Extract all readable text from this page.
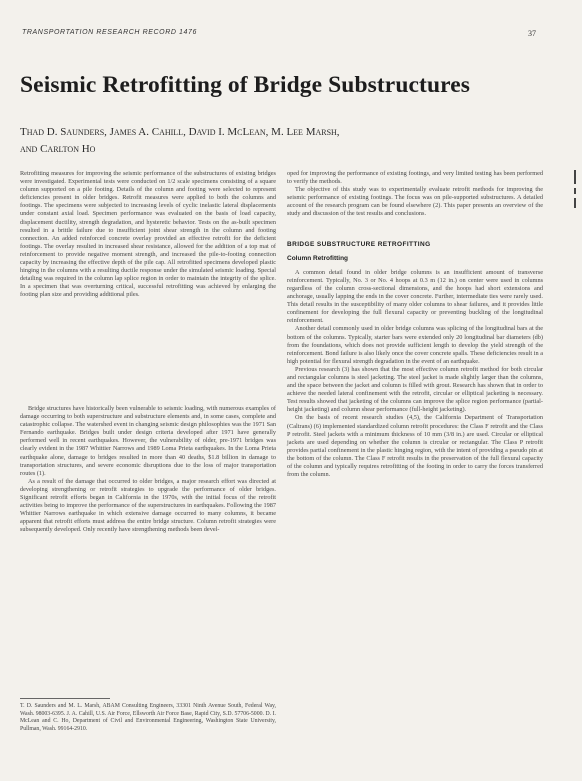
TRANSPORTATION RESEARCH RECORD 1476	37
Seismic Retrofitting of Bridge Substructures
Thad D. Saunders, James A. Cahill, David I. McLean, M. Lee Marsh,
and Carlton Ho

Retrofitting measures for improving the seismic performance of the substructures of existing bridges were investigated. Experimental tests were conducted on 1/2 scale specimens consisting of a square column supported on a pile footing. Details of the column and footing were selected to represent deficiencies present in older bridges. Retrofit measures were applied to both the columns and footings. The specimens were subjected to increasing levels of cyclic inelastic lateral displacements under constant axial load. Specimen performance was evaluated on the basis of load capacity, displacement ductility, strength degradation, and hysteretic behavior. Tests on the as-built specimen resulted in a brittle failure due to insufficient joint shear strength in the column and footing connection. An added reinforced concrete overlay provided an effective retrofit for the deficient footings. The overlay resulted in increased shear resistance, allowed for the addition of a top mat of reinforcement to provide negative moment strength, and increased the pile-to-footing connection capacity by increasing the effective depth of the pile cap. All retrofitted specimens developed plastic hinging in the columns with a resulting ductile response under the simulated seismic loading. Special detailing was required in the column lap splice region in order to maintain the integrity of the splice. In a specimen that was overturning critical, successful retrofitting was achieved by enlarging the footing plan size and providing additional piles.

Bridge structures have historically been vulnerable to seismic loading, with numerous examples of damage occurring to both superstructure and substructure elements and, in some cases, complete and catastrophic collapse. The watershed event in changing seismic design philosophies was the 1971 San Fernando earthquake. Bridges built under design criteria developed after 1971 have generally performed well in recent earthquakes. However, the vulnerability of older, pre-1971 bridges was clearly evident in the 1987 Whittier Narrows and 1989 Loma Prieta earthquakes. In the Loma Prieta earthquake alone, damage to bridges resulted in more than 40 deaths, $1.8 billion in damage to transportation structures, and severe economic disruptions due to the loss of major transportation routes (1).

As a result of the damage that occurred to older bridges, a major research effort was directed at developing strengthening or retrofit strategies to upgrade the performance of older bridges. Significant retrofit efforts began in California in the 1970s, with the initial focus of the retrofit activities being to improve the performance of the superstructures in earthquakes. Following the 1987 Whittier Narrows earthquake in which extensive damage occurred to many columns, it became apparent that retrofit efforts must address the entire bridge structure. Column retrofit strategies were subsequently developed. Only recently have strengthening methods been devel-

T. D. Saunders and M. L. Marsh, ABAM Consulting Engineers, 33301 Ninth Avenue South, Federal Way, Wash. 98003-6395. J. A. Cahill, U.S. Air Force, Ellsworth Air Force Base, Rapid City, S.D. 57706-5000. D. I. McLean and C. Ho, Department of Civil and Environmental Engineering, Washington State University, Pullman, Wash. 99164-2910.

oped for improving the performance of existing footings, and very limited testing has been performed to verify the methods.

The objective of this study was to experimentally evaluate retrofit methods for improving the seismic performance of existing footings. The focus was on pile-supported substructures. A detailed account of the research program can be found elsewhere (2). This paper presents an overview of the study and discussion of the test results and conclusions.

BRIDGE SUBSTRUCTURE RETROFITTING
Column Retrofitting

A common detail found in older bridge columns is an insufficient amount of transverse reinforcement. Typically, No. 3 or No. 4 hoops at 0.3 m (12 in.) on center were used in columns regardless of the column cross-sectional dimensions, and the hoops had short extensions and anchorage, usually lapping the ends in the cover concrete. Further, intermediate ties were rarely used. This detail results in the susceptibility of many older columns to shear failures, and it provides little confinement for developing the full flexural capacity or preventing buckling of the longitudinal reinforcement.

Another detail commonly used in older bridge columns was splicing of the longitudinal bars at the bottom of the columns. Typically, starter bars were extended only 20 longitudinal bar diameters (db) from the foundations, which does not provide sufficient length to develop the yield strength of the reinforcement. Bond failure is also likely once the cover concrete spalls. These deficiencies result in a high potential for flexural strength degradation in the event of an earthquake.

Previous research (3) has shown that the most effective column retrofit method for both circular and rectangular columns is steel jacketing. The steel jacket is made slightly larger than the columns, and the space between the jacket and column is filled with grout. Research has shown that in order to achieve the needed lateral confinement with the retrofit, circular or elliptical jacketing is necessary. Test results showed that jacketing of the columns can improve the splice region performance (partial-height jacketing) and column shear performance (full-height jacketing).

On the basis of recent research studies (4,5), the California Department of Transportation (Caltrans) (6) implemented standardized column retrofit procedures: the Class F retrofit and the Class P retrofit. Steel jackets with a minimum thickness of 10 mm (3/8 in.) are used. Circular or elliptical jackets are used depending on whether the column is circular or rectangular. The Class P retrofit provides partial confinement in the plastic hinging region, with the intent of providing a pseudo pin at the bottom of the column. The Class F retrofit results in the preservation of the full flexural capacity of the column and typically requires retrofitting of the footing in order to carry the forces transferred from the column.
